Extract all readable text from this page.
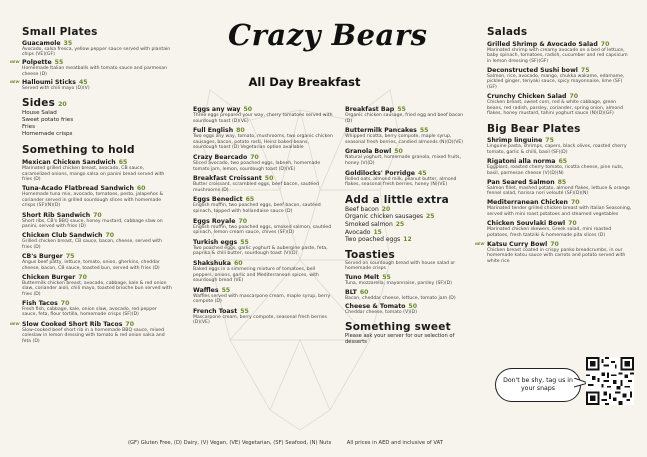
Crazy Bears
All Day Breakfast
Small Plates
Guacamole 35
Avocado, salsa fresca, yellow pepper sauce served with plantain chips (VE)(GF)
NEW Polpette 55
Homemade Italian meatballs with tomato sauce and parmesan cheese (D)
NEW Halloumi Sticks 45
Served with chili mayo (D)(V)
Sides 20
House Salad
Sweet potato fries
Fries
Homemade crisps
Something to hold
Mexican Chicken Sandwich 65
Marinated grilled chicken breast, avocado, CB sauce, caramelized onions, mango salsa on panini bread served with fries (D)
Tuna-Acado Flatbread Sandwich 60
Homemade tuna mix, avocado, tomatoes, pesto, jalapeños & coriander served in grilled sourdough slices with homemade crisps (SF)(N)(D)
Short Rib Sandwich 70
Short ribs, CB's BBQ sauce, honey mustard, cabbage slaw on panini, served with fries (D)
Chicken Club Sandwich 70
Grilled chicken breast, CB sauce, bacon, cheese, served with fries (D)
CB's Burger 75
Angus beef patty, lettuce, tomato, onion, gherkins, cheddar cheese, bacon, CB sauce, toasted bun, served with fries (D)
Chicken Burger 70
Buttermilk chicken breast, avocado, cabbage, kale & red onion slaw, coriander aioli, chili mayo, toasted brioche bun served with fries (D)
Fish Tacos 70
Fresh fish, cabbage, kale, onion slaw, avocado, red pepper sauce, feta, flour tortilla, homemade crisps (SF)(D)
NEW Slow Cooked Short Rib Tacos 70
Slow-cooked beef short rib in a homemade BBQ sauce, mixed coleslaw in lemon dressing with tomato & red onion salsa and feta (D)
Eggs any way 50
Three eggs prepared your way, cherry tomatoes served with sourdough toast (D)(VE)
Full English 80
Two eggs any way, tomato, mushrooms, two organic chicken sausages, bacon, potato rosti, Heinz baked beans, sourdough toast (D) Vegetarian option available
Crazy Bearcado 70
Sliced avocado, two poached eggs, labneh, homemade tomato jam, lemon, sourdough toast (D)(VE)
Breakfast Croissant 50
Butter croissant, scrambled eggs, beef bacon, sautéed mushrooms (D)
Eggs Benedict 65
English muffin, two poached eggs, beef bacon, sautéed spinach, topped with hollandaise sauce (D)
Eggs Royale 70
English muffin, two poached eggs, smoked salmon, sautéed spinach, lemon cream sauce, chives (SF)(D)
Turkish eggs 55
Two poached eggs, garlic yoghurt & aubergine paste, feta, paprika & chili butter, sourdough toast (V)(D)
Shakshuka 60
Baked eggs in a simmering mixture of tomatoes, bell peppers, onions, garlic and Mediterranean spices, with sourdough bread (VE)
Waffles 55
Waffles served with mascarpone cream, maple syrup, berry compote (D)
French Toast 55
Mascarpone cream, berry compote, seasonal fresh berries (D)(VE)
Breakfast Bap 55
Organic chicken sausage, fried egg and beef bacon (D)
Buttermilk Pancakes 55
Whipped ricotta, berry compote, maple syrup, seasonal fresh berries, candied almonds (N)(D)(VE)
Granola Bowl 50
Natural yoghurt, homemade granola, mixed fruits, honey (V)(D)
Goldilocks' Porridge 45
Rolled oats, almond milk, peanut butter, almond flakes, seasonal fresh berries, honey (N)(VE)
Add a little extra
Beef bacon 20
Organic chicken sausages 25
Smoked salmon 25
Avocado 15
Two poached eggs 12
Toasties
Served on sourdough bread with house salad or homemade crisps
Tuno Melt 55
Tuna, mozzarella, mayonnaise, parsley (SF)(D)
BLT 60
Bacon, cheddar cheese, lettuce, tomato jam (D)
Cheese & Tomato 50
Cheddar cheese, tomato (V)(D)
Something sweet
Please ask your server for our selection of desserts
Salads
Grilled Shrimp & Avocado Salad 70
Marinated shrimp with creamy avocado on a bed of lettuce, baby spinach, tomatoes, radish, cucumber and red capsicum in lemon dressing (SF)(GF)
Deconstructed Sushi bowl 75
Salmon, rice, avocado, mango, chukka wakame, edamame, pickled ginger, teriyaki sauce, spicy mayonnaise, lime (SF)(GF)
Crunchy Chicken Salad 70
Chicken breast, sweet corn, red & white cabbage, green beans, red radish, parsley, coriander, spring onion, almond flakes, honey mustard, tahini yoghurt sauce (N)(D)(GF)
Big Bear Plates
Shrimp linguine 75
Linguine pasta, shrimps, capers, black olives, roasted cherry tomato, garlic & chilli, basil (SF)(D)
Rigatoni alla norma 65
Eggplant, roasted cherry tomato, ricotta cheese, pine nuts, basil, parmesan cheese (V)(D)(N)
Pan Seared Salmon 85
Salmon fillet, mashed potato, almond flakes, lettuce & orange fennel salad, harissa nori velouté (SF)(D)(N)
Mediterranean Chicken 70
Marinated tender grilled chicken breast with Italian Seasoning, served with mini roast potatoes and steamed vegetables
Chicken Souvlaki Bowl 70
Marinated chicken skewers, Greek salad, mini roasted potatoes, fresh tzatziki & homemade pita slices (D)
NEW Katsu Curry Bowl 70
Chicken breast coated in crispy panko breadcrumbs, in our homemade katsu sauce with carrots and potato served with white rice
Don't be shy, tag us in your snaps
(GF) Gluten Free, (D) Dairy, (V) Vegan, (VE) Vegetarian, (SF) Seafood, (N) Nuts	All prices in AED and inclusive of VAT
